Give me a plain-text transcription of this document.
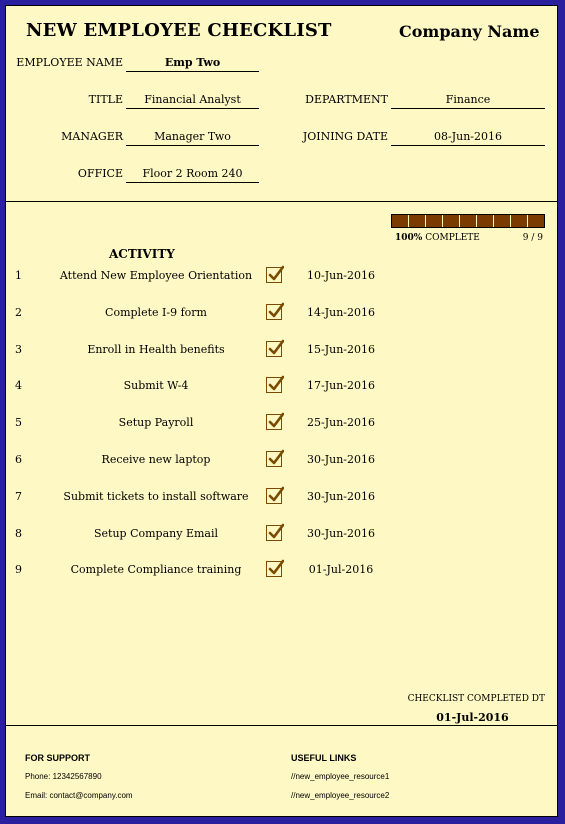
NEW EMPLOYEE CHECKLIST	Company Name
EMPLOYEE NAME	Emp Two
TITLE	Financial Analyst	DEPARTMENT	Finance
MANAGER	Manager Two	JOINING DATE	08-Jun-2016
OFFICE	Floor 2 Room 240
100% COMPLETE	9 / 9
ACTIVITY
1	Attend New Employee Orientation	10-Jun-2016
2	Complete I-9 form	14-Jun-2016
3	Enroll in Health benefits	15-Jun-2016
4	Submit W-4	17-Jun-2016
5	Setup Payroll	25-Jun-2016
6	Receive new laptop	30-Jun-2016
7	Submit tickets to install software	30-Jun-2016
8	Setup Company Email	30-Jun-2016
9	Complete Compliance training	01-Jul-2016
CHECKLIST COMPLETED DT
01-Jul-2016
FOR SUPPORT
Phone: 12342567890
Email: contact@company.com
USEFUL LINKS
//new_employee_resource1
//new_employee_resource2
